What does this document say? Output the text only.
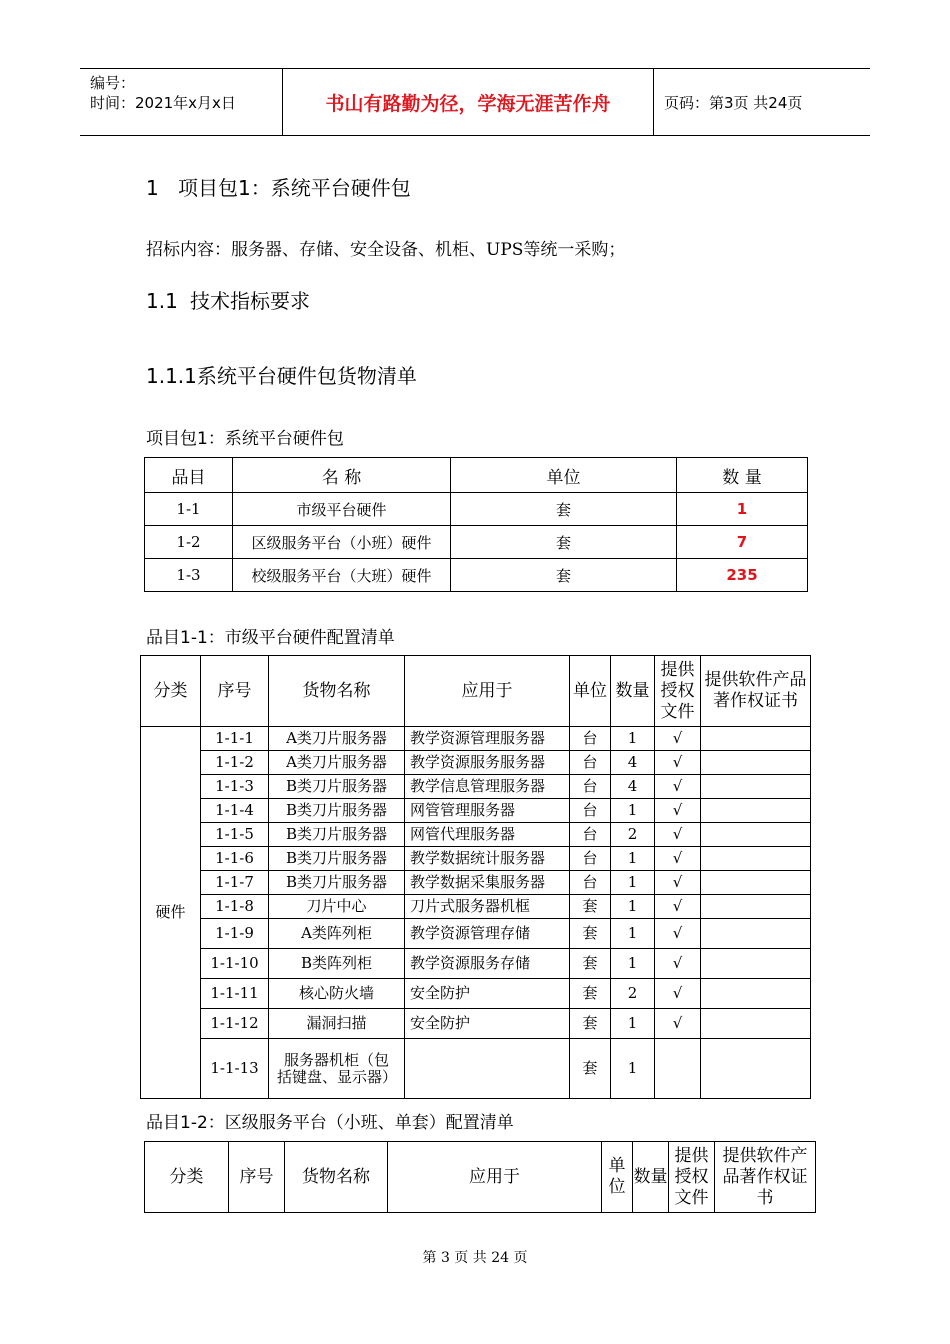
编号：
时间：2021年x月x日	书山有路勤为径，学海无涯苦作舟	页码：第3页 共24页
1 项目包1：系统平台硬件包
招标内容：服务器、存储、安全设备、机柜、UPS等统一采购；
1.1 技术指标要求
1.1.1系统平台硬件包货物清单
项目包1：系统平台硬件包
品目	名 称	单位	数 量
1-1	市级平台硬件	套	1
1-2	区级服务平台（小班）硬件	套	7
1-3	校级服务平台（大班）硬件	套	235
品目1-1：市级平台硬件配置清单
分类	序号	货物名称	应用于	单位	数量	提供授权文件	提供软件产品著作权证书
硬件	1-1-1	A类刀片服务器	教学资源管理服务器	台	1	√	
	1-1-2	A类刀片服务器	教学资源服务服务器	台	4	√	
	1-1-3	B类刀片服务器	教学信息管理服务器	台	4	√	
	1-1-4	B类刀片服务器	网管管理服务器	台	1	√	
	1-1-5	B类刀片服务器	网管代理服务器	台	2	√	
	1-1-6	B类刀片服务器	教学数据统计服务器	台	1	√	
	1-1-7	B类刀片服务器	教学数据采集服务器	台	1	√	
	1-1-8	刀片中心	刀片式服务器机框	套	1	√	
	1-1-9	A类阵列柜	教学资源管理存储	套	1	√	
	1-1-10	B类阵列柜	教学资源服务存储	套	1	√	
	1-1-11	核心防火墙	安全防护	套	2	√	
	1-1-12	漏洞扫描	安全防护	套	1	√	
	1-1-13	服务器机柜（包括键盘、显示器）		套	1		
品目1-2：区级服务平台（小班、单套）配置清单
分类	序号	货物名称	应用于	单位	数量	提供授权文件	提供软件产品著作权证书
第 3 页 共 24 页
